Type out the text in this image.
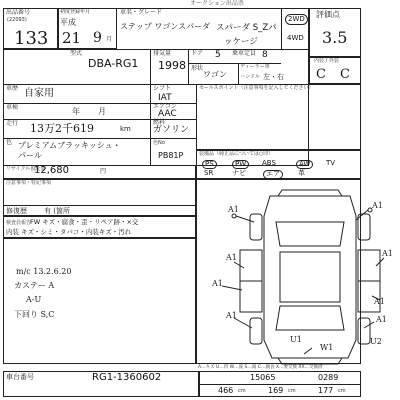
オークション出品票
出品番号
(22093)
133
初度登録年月
平成
21 9 月
車名・グレード
ステップ ワゴンスパーダ スパーダ S_Zパ
ッケージ
2WD
4WD
評価点
3.5
型式
DBA-RG1
排気量
1998
ドア 5 乗車定員 8
形状
ワゴン
ディーラー車
ハンドル 左・右
内装 / 外装
C C
車歴 自家用	シフト
IAT
エアコン
AAC
燃料
ガソリン
セールスポイント（注意事項を記入してください）
車検	年 月
走行 13万2千619	km
色 プレミアムブラッキッシュ・
パール
色No
PB81P
リサイクル預託金
12,680	円
装備品（純正品については○印）
PS	PW	ABS	AW	TV
SR	ナビ	エア	革
注意事項・特記事項
修復歴 有 (箇所
検査員報告
FW キズ・腐食・歪・リペア跡・×交
内装 キズ・シミ・タバコ・内装キズ・汚れ
m/c 13.2.6.20
カステー A
A-U
下回り S,C
A1	A1
A1	A1
A1
A1
A1	A1
U1
W1
U2
A…キズ U…凹 W…波 S…錆 C…腐食 X…要交換 XX…交換済
車台番号	RG1-1360602	15065	0289
466 cm	169 cm	177 cm
